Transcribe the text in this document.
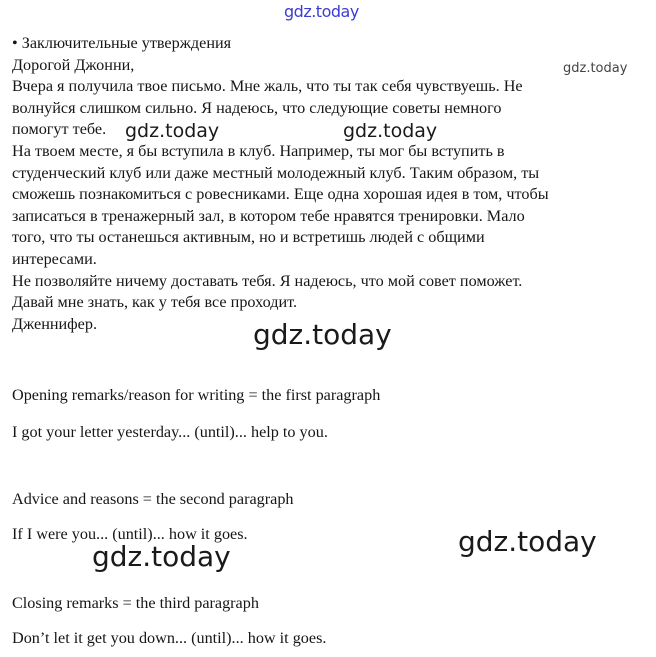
gdz.today
• Заключительные утверждения
Дорогой Джонни,
Вчера я получила твое письмо. Мне жаль, что ты так себя чувствуешь. Не
волнуйся слишком сильно. Я надеюсь, что следующие советы немного
помогут тебе.
На твоем месте, я бы вступила в клуб. Например, ты мог бы вступить в
студенческий клуб или даже местный молодежный клуб. Таким образом, ты
сможешь познакомиться с ровесниками. Еще одна хорошая идея в том, чтобы
записаться в тренажерный зал, в котором тебе нравятся тренировки. Мало
того, что ты останешься активным, но и встретишь людей с общими
интересами.
Не позволяйте ничему доставать тебя. Я надеюсь, что мой совет поможет.
Давай мне знать, как у тебя все проходит.
Дженнифер.
gdz.today
gdz.today	gdz.today
gdz.today
Opening remarks/reason for writing = the first paragraph
I got your letter yesterday... (until)... help to you.
Advice and reasons = the second paragraph
If I were you... (until)... how it goes.
Closing remarks = the third paragraph
Don’t let it get you down... (until)... how it goes.
gdz.today	gdz.today
